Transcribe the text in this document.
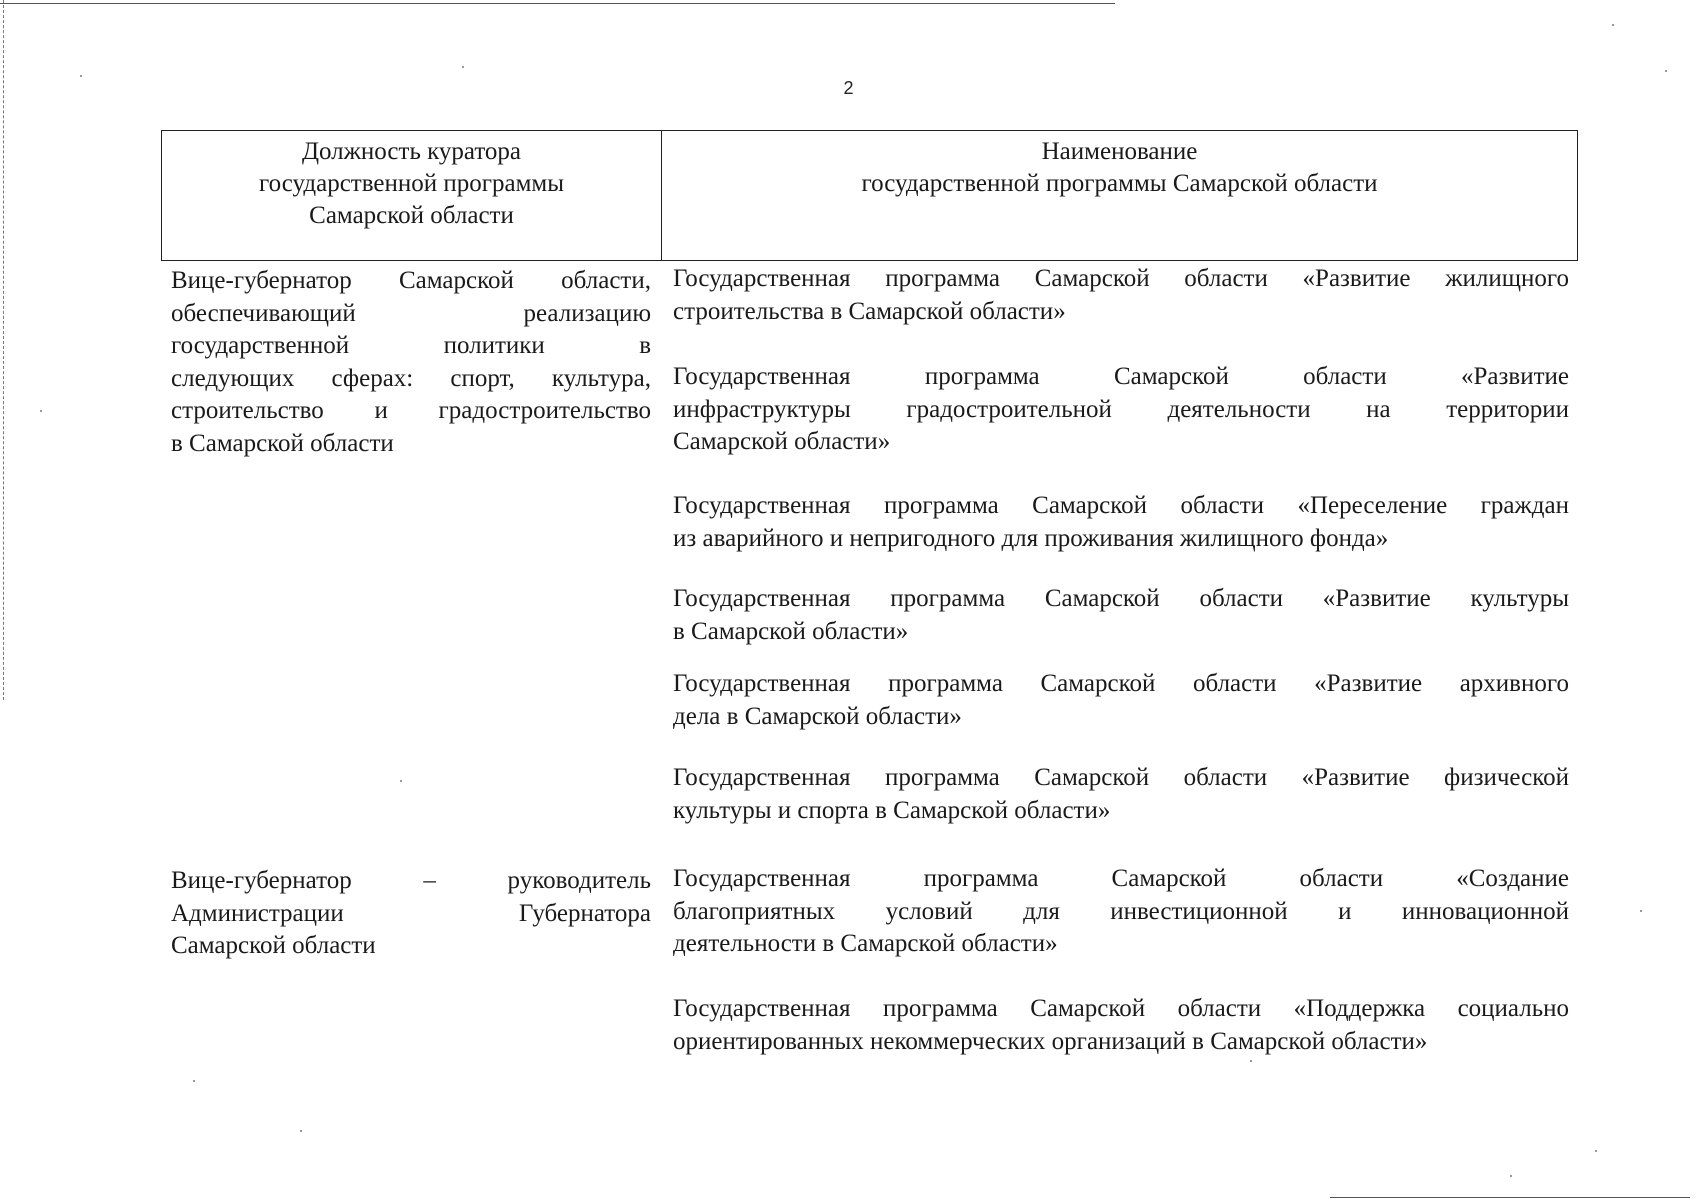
2
Должность куратора
государственной программы
Самарской области
Наименование
государственной программы Самарской области
Вице-губернатор Самарской области,
обеспечивающий реализацию
государственной политики в
следующих сферах: спорт, культура,
строительство и градостроительство
в Самарской области
Государственная программа Самарской области «Развитие жилищного
строительства в Самарской области»
Государственная программа Самарской области «Развитие
инфраструктуры градостроительной деятельности на территории
Самарской области»
Государственная программа Самарской области «Переселение граждан
из аварийного и непригодного для проживания жилищного фонда»
Государственная программа Самарской области «Развитие культуры
в Самарской области»
Государственная программа Самарской области «Развитие архивного
дела в Самарской области»
Государственная программа Самарской области «Развитие физической
культуры и спорта в Самарской области»
Вице-губернатор – руководитель
Администрации Губернатора
Самарской области
Государственная программа Самарской области «Создание
благоприятных условий для инвестиционной и инновационной
деятельности в Самарской области»
Государственная программа Самарской области «Поддержка социально
ориентированных некоммерческих организаций в Самарской области»
